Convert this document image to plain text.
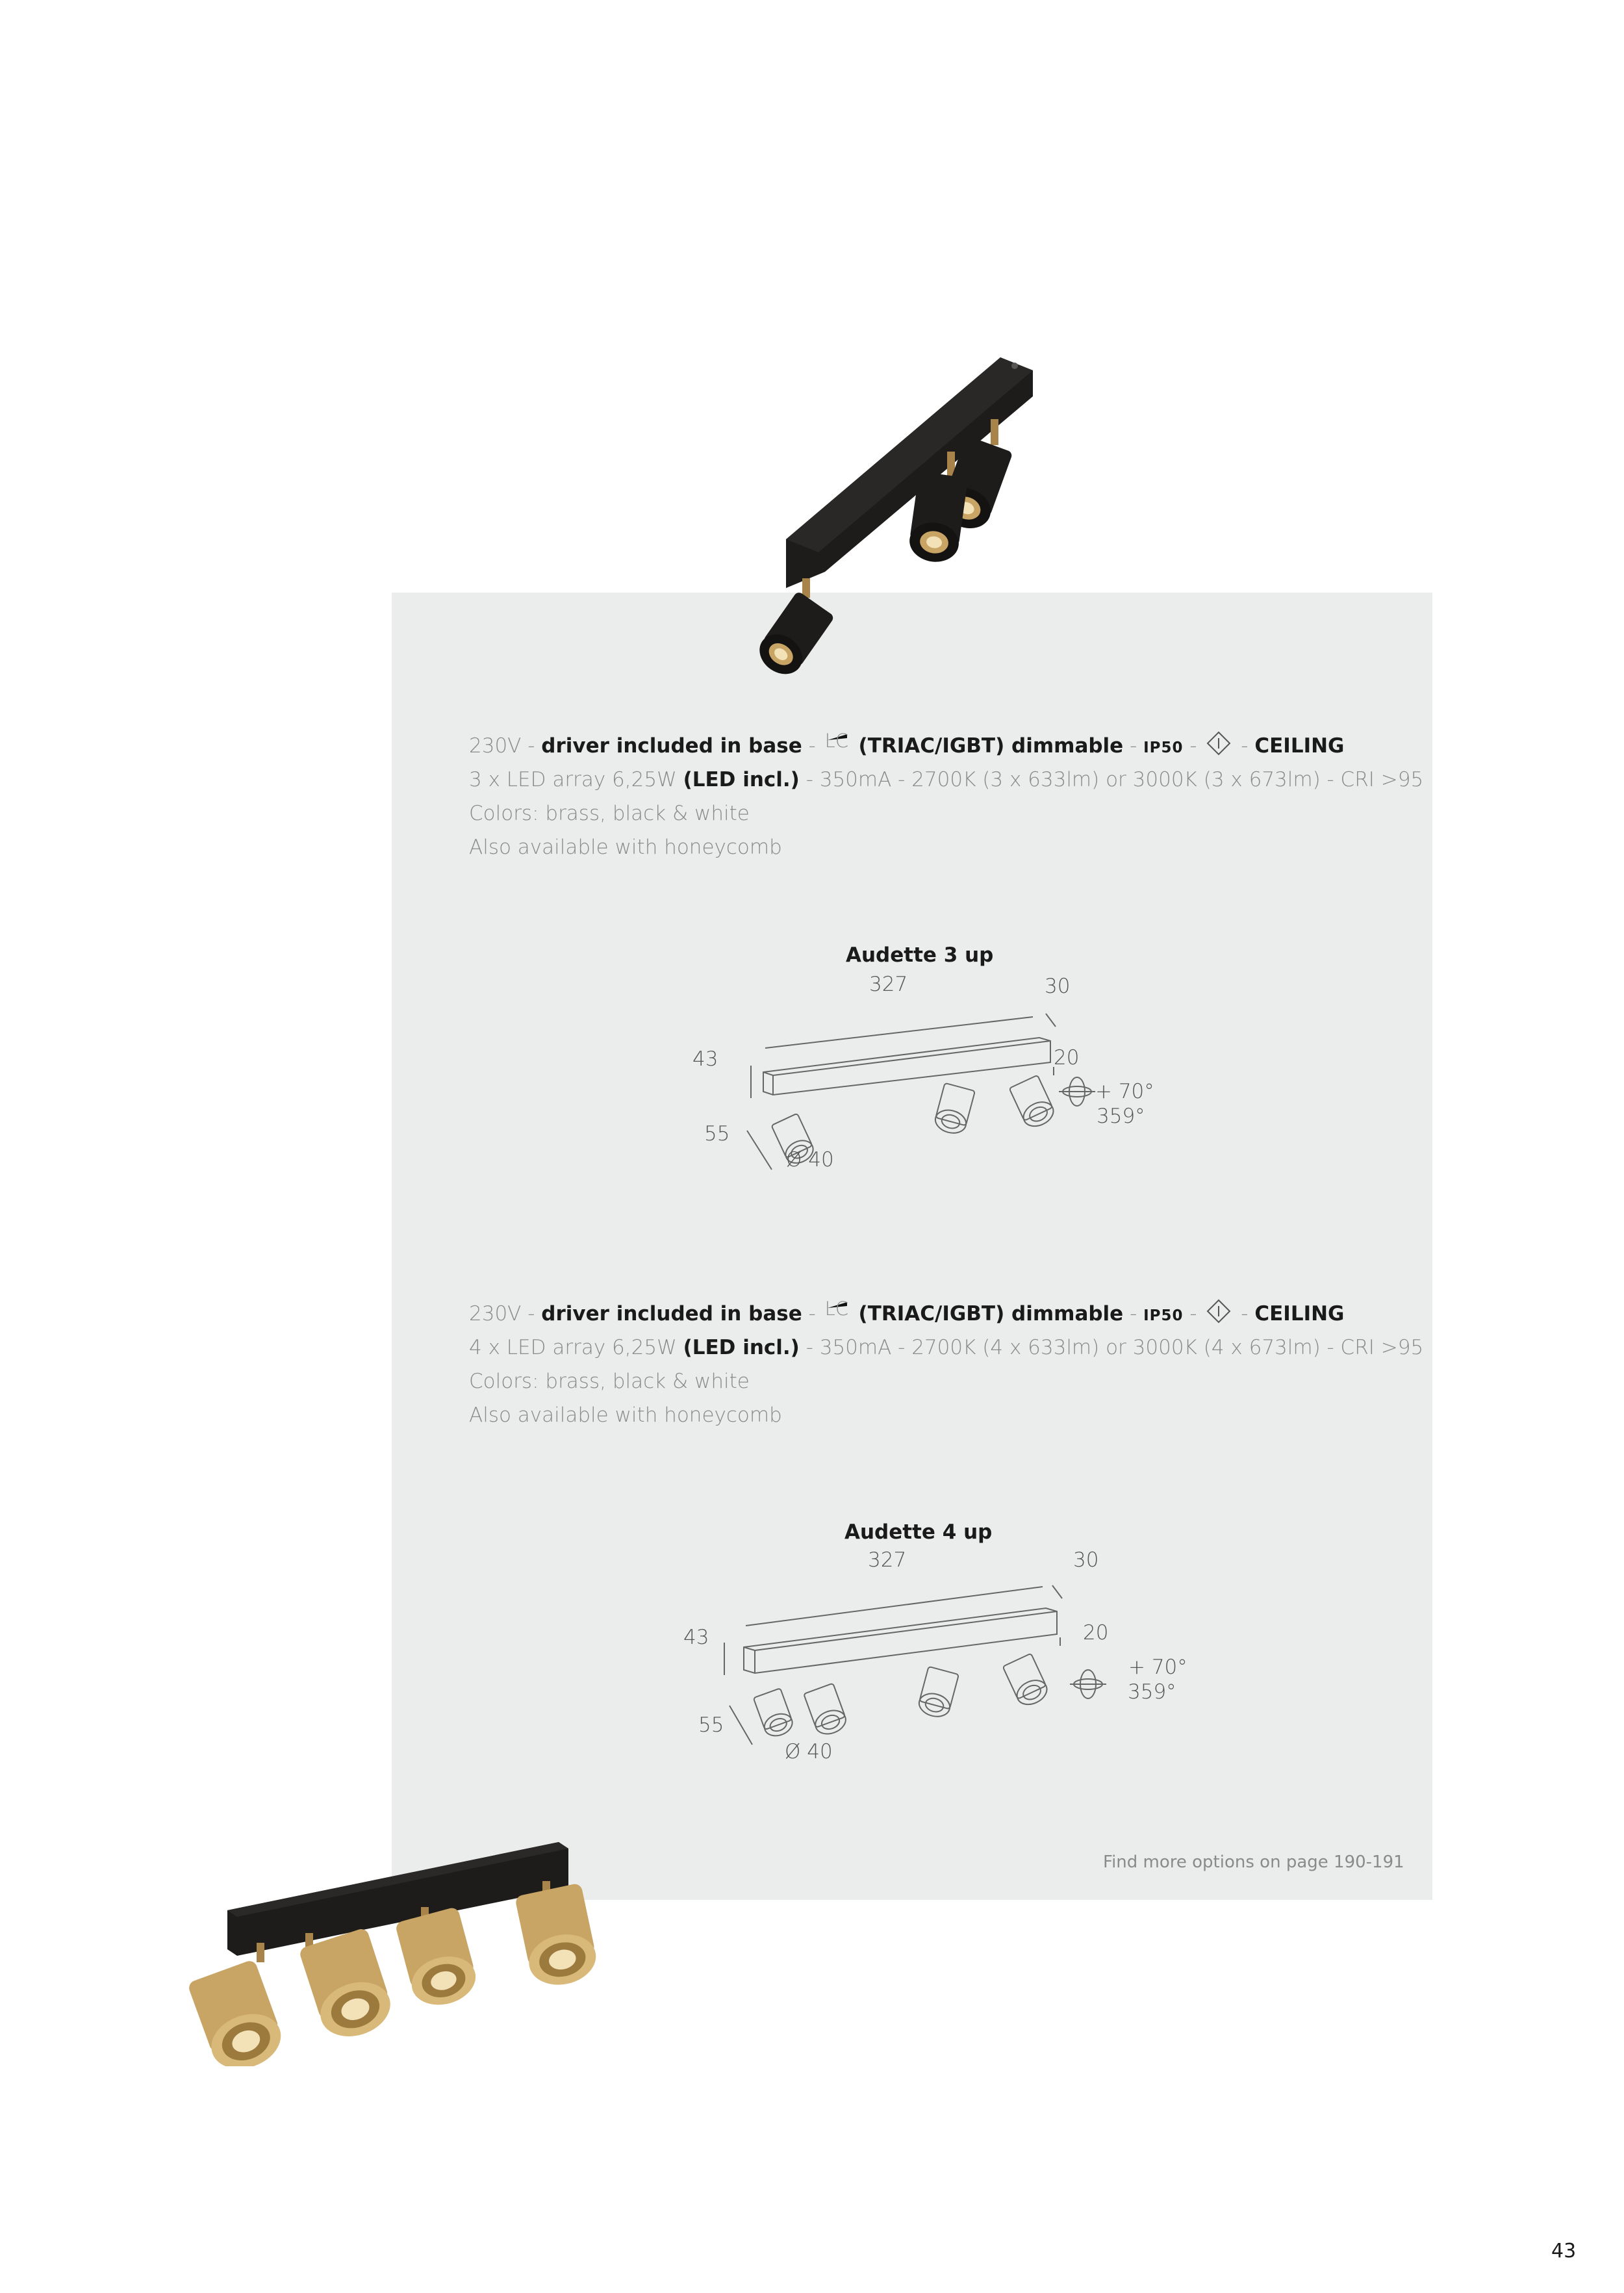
230V - driver included in base - LC (TRIAC/IGBT) dimmable - IP50 -  - CEILING
3 x LED array 6,25W (LED incl.) - 350mA - 2700K (3 x 633lm) or 3000K (3 x 673lm) - CRI >95
Colors: brass, black & white
Also available with honeycomb
Audette 3 up
327	30
43	20
+ 70°
359°
55
Ø 40
230V - driver included in base - LC (TRIAC/IGBT) dimmable - IP50 -  - CEILING
4 x LED array 6,25W (LED incl.) - 350mA - 2700K (4 x 633lm) or 3000K (4 x 673lm) - CRI >95
Colors: brass, black & white
Also available with honeycomb
Audette 4 up
327	30
43	20
+ 70°
359°
55
Ø 40
Find more options on page 190-191
43
